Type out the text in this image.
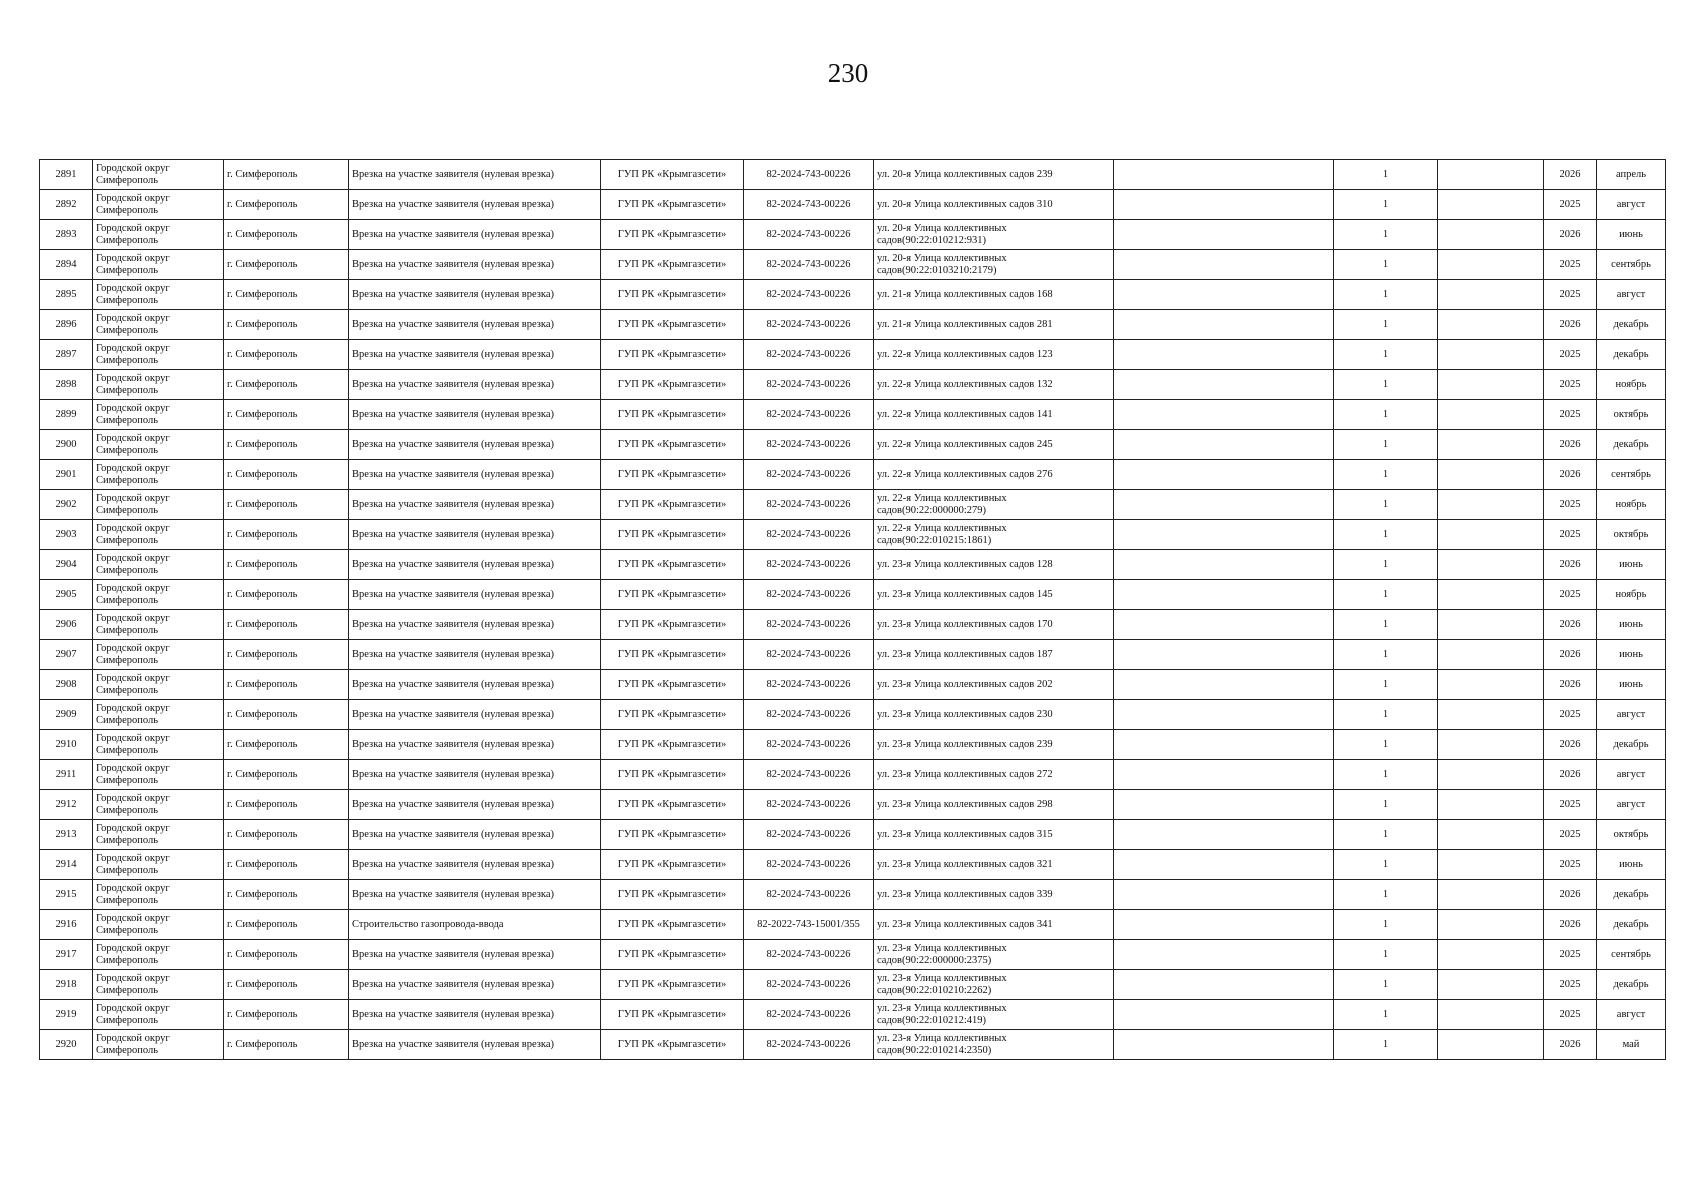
230
2891	Городской округ Симферополь	г. Симферополь	Врезка на участке заявителя (нулевая врезка)	ГУП РК «Крымгазсети»	82-2024-743-00226	ул. 20-я Улица коллективных садов 239		1		2026	апрель
2892	Городской округ Симферополь	г. Симферополь	Врезка на участке заявителя (нулевая врезка)	ГУП РК «Крымгазсети»	82-2024-743-00226	ул. 20-я Улица коллективных садов 310		1		2025	август
2893	Городской округ Симферополь	г. Симферополь	Врезка на участке заявителя (нулевая врезка)	ГУП РК «Крымгазсети»	82-2024-743-00226	ул. 20-я Улица коллективных садов(90:22:010212:931)		1		2026	июнь
2894	Городской округ Симферополь	г. Симферополь	Врезка на участке заявителя (нулевая врезка)	ГУП РК «Крымгазсети»	82-2024-743-00226	ул. 20-я Улица коллективных садов(90:22:0103210:2179)		1		2025	сентябрь
2895	Городской округ Симферополь	г. Симферополь	Врезка на участке заявителя (нулевая врезка)	ГУП РК «Крымгазсети»	82-2024-743-00226	ул. 21-я Улица коллективных садов 168		1		2025	август
2896	Городской округ Симферополь	г. Симферополь	Врезка на участке заявителя (нулевая врезка)	ГУП РК «Крымгазсети»	82-2024-743-00226	ул. 21-я Улица коллективных садов 281		1		2026	декабрь
2897	Городской округ Симферополь	г. Симферополь	Врезка на участке заявителя (нулевая врезка)	ГУП РК «Крымгазсети»	82-2024-743-00226	ул. 22-я Улица коллективных садов 123		1		2025	декабрь
2898	Городской округ Симферополь	г. Симферополь	Врезка на участке заявителя (нулевая врезка)	ГУП РК «Крымгазсети»	82-2024-743-00226	ул. 22-я Улица коллективных садов 132		1		2025	ноябрь
2899	Городской округ Симферополь	г. Симферополь	Врезка на участке заявителя (нулевая врезка)	ГУП РК «Крымгазсети»	82-2024-743-00226	ул. 22-я Улица коллективных садов 141		1		2025	октябрь
2900	Городской округ Симферополь	г. Симферополь	Врезка на участке заявителя (нулевая врезка)	ГУП РК «Крымгазсети»	82-2024-743-00226	ул. 22-я Улица коллективных садов 245		1		2026	декабрь
2901	Городской округ Симферополь	г. Симферополь	Врезка на участке заявителя (нулевая врезка)	ГУП РК «Крымгазсети»	82-2024-743-00226	ул. 22-я Улица коллективных садов 276		1		2026	сентябрь
2902	Городской округ Симферополь	г. Симферополь	Врезка на участке заявителя (нулевая врезка)	ГУП РК «Крымгазсети»	82-2024-743-00226	ул. 22-я Улица коллективных садов(90:22:000000:279)		1		2025	ноябрь
2903	Городской округ Симферополь	г. Симферополь	Врезка на участке заявителя (нулевая врезка)	ГУП РК «Крымгазсети»	82-2024-743-00226	ул. 22-я Улица коллективных садов(90:22:010215:1861)		1		2025	октябрь
2904	Городской округ Симферополь	г. Симферополь	Врезка на участке заявителя (нулевая врезка)	ГУП РК «Крымгазсети»	82-2024-743-00226	ул. 23-я Улица коллективных садов 128		1		2026	июнь
2905	Городской округ Симферополь	г. Симферополь	Врезка на участке заявителя (нулевая врезка)	ГУП РК «Крымгазсети»	82-2024-743-00226	ул. 23-я Улица коллективных садов 145		1		2025	ноябрь
2906	Городской округ Симферополь	г. Симферополь	Врезка на участке заявителя (нулевая врезка)	ГУП РК «Крымгазсети»	82-2024-743-00226	ул. 23-я Улица коллективных садов 170		1		2026	июнь
2907	Городской округ Симферополь	г. Симферополь	Врезка на участке заявителя (нулевая врезка)	ГУП РК «Крымгазсети»	82-2024-743-00226	ул. 23-я Улица коллективных садов 187		1		2026	июнь
2908	Городской округ Симферополь	г. Симферополь	Врезка на участке заявителя (нулевая врезка)	ГУП РК «Крымгазсети»	82-2024-743-00226	ул. 23-я Улица коллективных садов 202		1		2026	июнь
2909	Городской округ Симферополь	г. Симферополь	Врезка на участке заявителя (нулевая врезка)	ГУП РК «Крымгазсети»	82-2024-743-00226	ул. 23-я Улица коллективных садов 230		1		2025	август
2910	Городской округ Симферополь	г. Симферополь	Врезка на участке заявителя (нулевая врезка)	ГУП РК «Крымгазсети»	82-2024-743-00226	ул. 23-я Улица коллективных садов 239		1		2026	декабрь
2911	Городской округ Симферополь	г. Симферополь	Врезка на участке заявителя (нулевая врезка)	ГУП РК «Крымгазсети»	82-2024-743-00226	ул. 23-я Улица коллективных садов 272		1		2026	август
2912	Городской округ Симферополь	г. Симферополь	Врезка на участке заявителя (нулевая врезка)	ГУП РК «Крымгазсети»	82-2024-743-00226	ул. 23-я Улица коллективных садов 298		1		2025	август
2913	Городской округ Симферополь	г. Симферополь	Врезка на участке заявителя (нулевая врезка)	ГУП РК «Крымгазсети»	82-2024-743-00226	ул. 23-я Улица коллективных садов 315		1		2025	октябрь
2914	Городской округ Симферополь	г. Симферополь	Врезка на участке заявителя (нулевая врезка)	ГУП РК «Крымгазсети»	82-2024-743-00226	ул. 23-я Улица коллективных садов 321		1		2025	июнь
2915	Городской округ Симферополь	г. Симферополь	Врезка на участке заявителя (нулевая врезка)	ГУП РК «Крымгазсети»	82-2024-743-00226	ул. 23-я Улица коллективных садов 339		1		2026	декабрь
2916	Городской округ Симферополь	г. Симферополь	Строительство газопровода-ввода	ГУП РК «Крымгазсети»	82-2022-743-15001/355	ул. 23-я Улица коллективных садов 341		1		2026	декабрь
2917	Городской округ Симферополь	г. Симферополь	Врезка на участке заявителя (нулевая врезка)	ГУП РК «Крымгазсети»	82-2024-743-00226	ул. 23-я Улица коллективных садов(90:22:000000:2375)		1		2025	сентябрь
2918	Городской округ Симферополь	г. Симферополь	Врезка на участке заявителя (нулевая врезка)	ГУП РК «Крымгазсети»	82-2024-743-00226	ул. 23-я Улица коллективных садов(90:22:010210:2262)		1		2025	декабрь
2919	Городской округ Симферополь	г. Симферополь	Врезка на участке заявителя (нулевая врезка)	ГУП РК «Крымгазсети»	82-2024-743-00226	ул. 23-я Улица коллективных садов(90:22:010212:419)		1		2025	август
2920	Городской округ Симферополь	г. Симферополь	Врезка на участке заявителя (нулевая врезка)	ГУП РК «Крымгазсети»	82-2024-743-00226	ул. 23-я Улица коллективных садов(90:22:010214:2350)		1		2026	май
